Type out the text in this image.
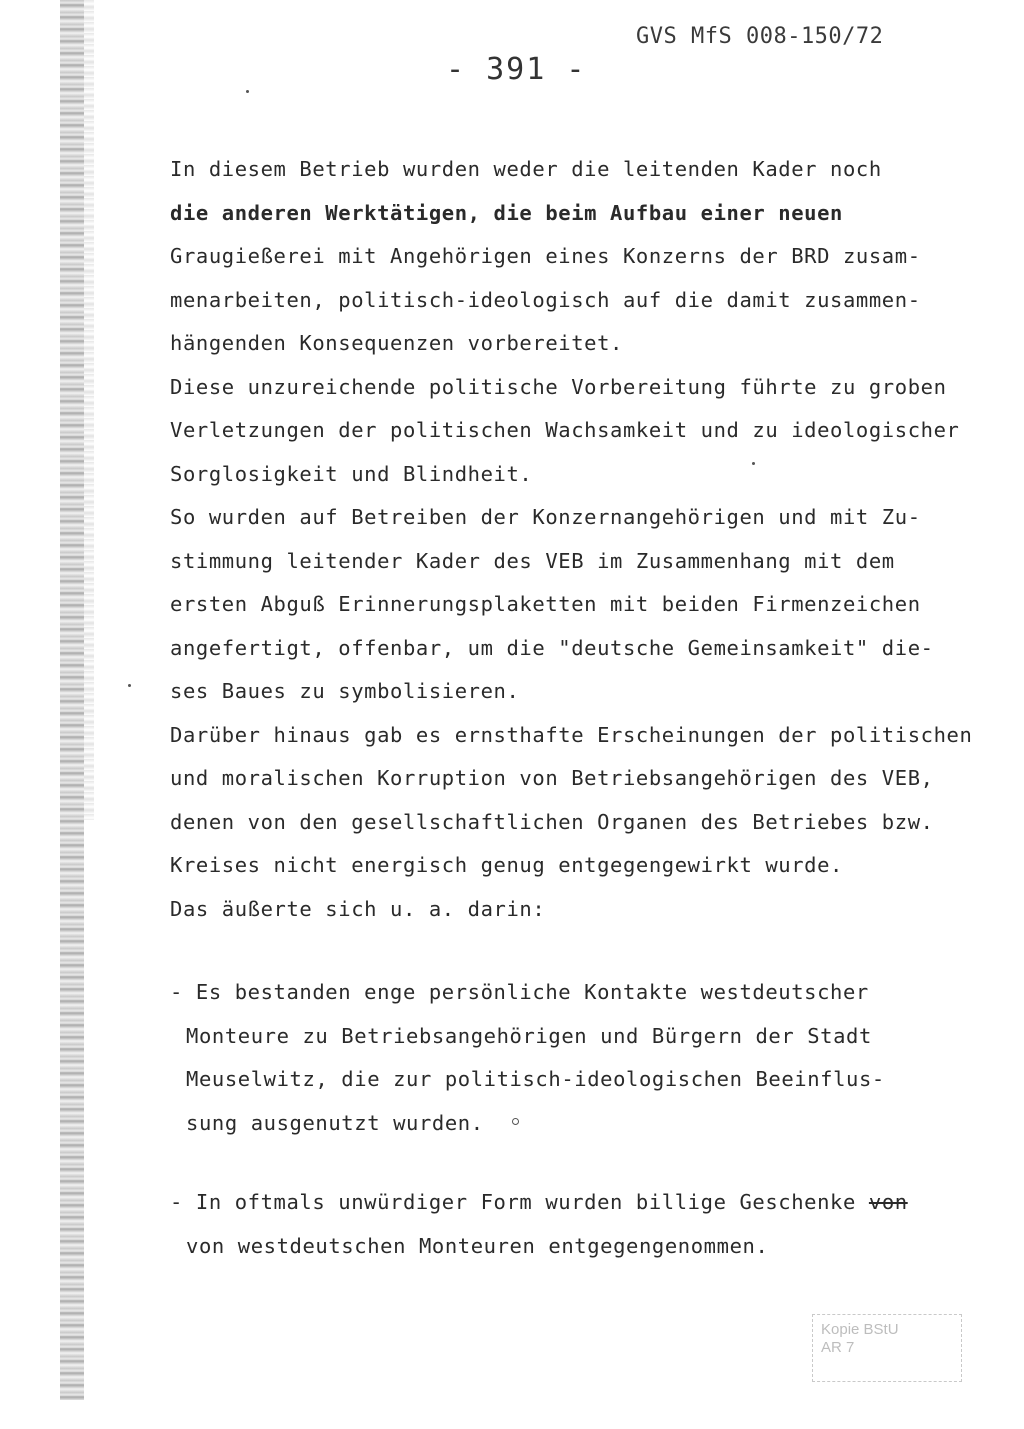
GVS MfS 008-150/72
- 391 -
In diesem Betrieb wurden weder die leitenden Kader noch
die anderen Werktätigen, die beim Aufbau einer neuen
Graugießerei mit Angehörigen eines Konzerns der BRD zusam-
menarbeiten, politisch-ideologisch auf die damit zusammen-
hängenden Konsequenzen vorbereitet.
Diese unzureichende politische Vorbereitung führte zu groben
Verletzungen der politischen Wachsamkeit und zu ideologischer
Sorglosigkeit und Blindheit.
So wurden auf Betreiben der Konzernangehörigen und mit Zu-
stimmung leitender Kader des VEB im Zusammenhang mit dem
ersten Abguß Erinnerungsplaketten mit beiden Firmenzeichen
angefertigt, offenbar, um die "deutsche Gemeinsamkeit" die-
ses Baues zu symbolisieren.
Darüber hinaus gab es ernsthafte Erscheinungen der politischen
und moralischen Korruption von Betriebsangehörigen des VEB,
denen von den gesellschaftlichen Organen des Betriebes bzw.
Kreises nicht energisch genug entgegengewirkt wurde.
Das äußerte sich u. a. darin:
- Es bestanden enge persönliche Kontakte westdeutscher
Monteure zu Betriebsangehörigen und Bürgern der Stadt
Meuselwitz, die zur politisch-ideologischen Beeinflus-
sung ausgenutzt wurden.
- In oftmals unwürdiger Form wurden billige Geschenke von
von westdeutschen Monteuren entgegengenommen.
Kopie BStU
AR 7
